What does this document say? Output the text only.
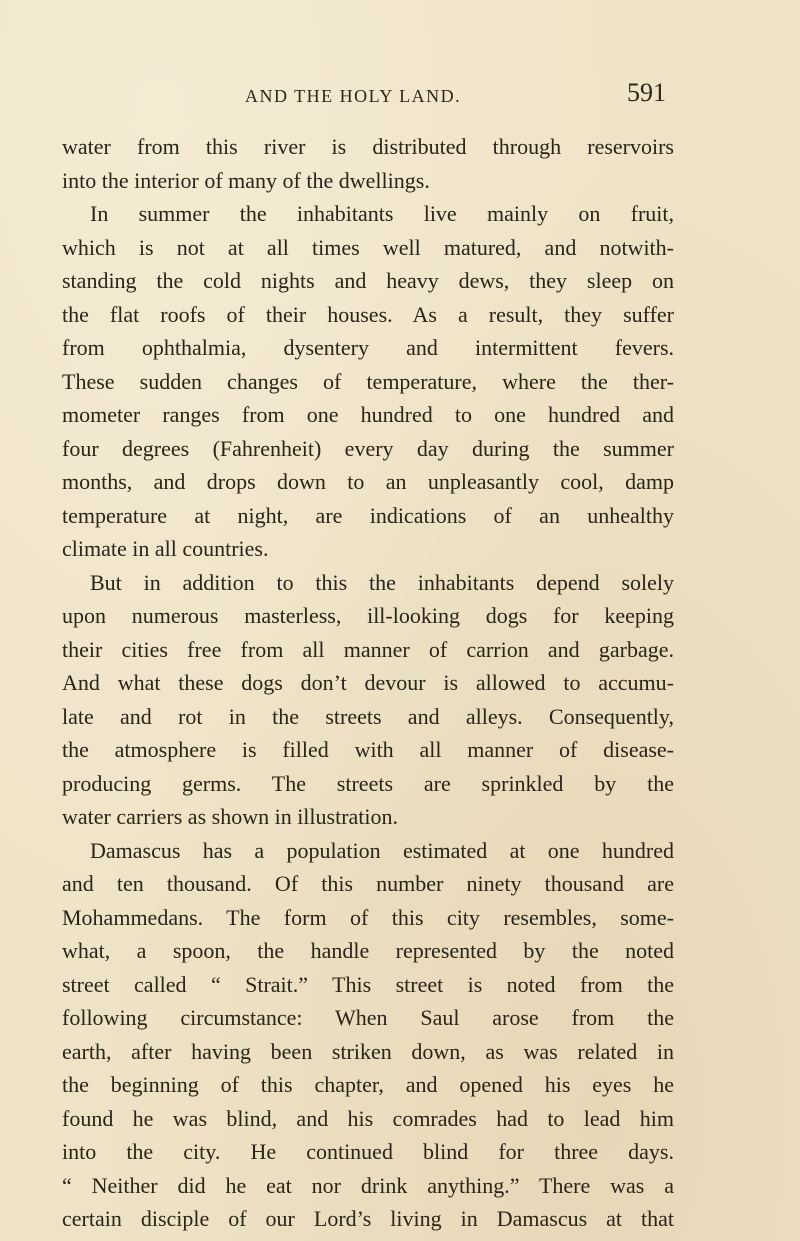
AND THE HOLY LAND.	591
water from this river is distributed through reservoirs
into the interior of many of the dwellings.
In summer the inhabitants live mainly on fruit,
which is not at all times well matured, and notwith-
standing the cold nights and heavy dews, they sleep on
the flat roofs of their houses. As a result, they suffer
from ophthalmia, dysentery and intermittent fevers.
These sudden changes of temperature, where the ther-
mometer ranges from one hundred to one hundred and
four degrees (Fahrenheit) every day during the summer
months, and drops down to an unpleasantly cool, damp
temperature at night, are indications of an unhealthy
climate in all countries.
But in addition to this the inhabitants depend solely
upon numerous masterless, ill-looking dogs for keeping
their cities free from all manner of carrion and garbage.
And what these dogs don’t devour is allowed to accumu-
late and rot in the streets and alleys. Consequently,
the atmosphere is filled with all manner of disease-
producing germs. The streets are sprinkled by the
water carriers as shown in illustration.
Damascus has a population estimated at one hundred
and ten thousand. Of this number ninety thousand are
Mohammedans. The form of this city resembles, some-
what, a spoon, the handle represented by the noted
street called “ Strait.” This street is noted from the
following circumstance: When Saul arose from the
earth, after having been striken down, as was related in
the beginning of this chapter, and opened his eyes he
found he was blind, and his comrades had to lead him
into the city. He continued blind for three days.
“ Neither did he eat nor drink anything.” There was a
certain disciple of our Lord’s living in Damascus at that
